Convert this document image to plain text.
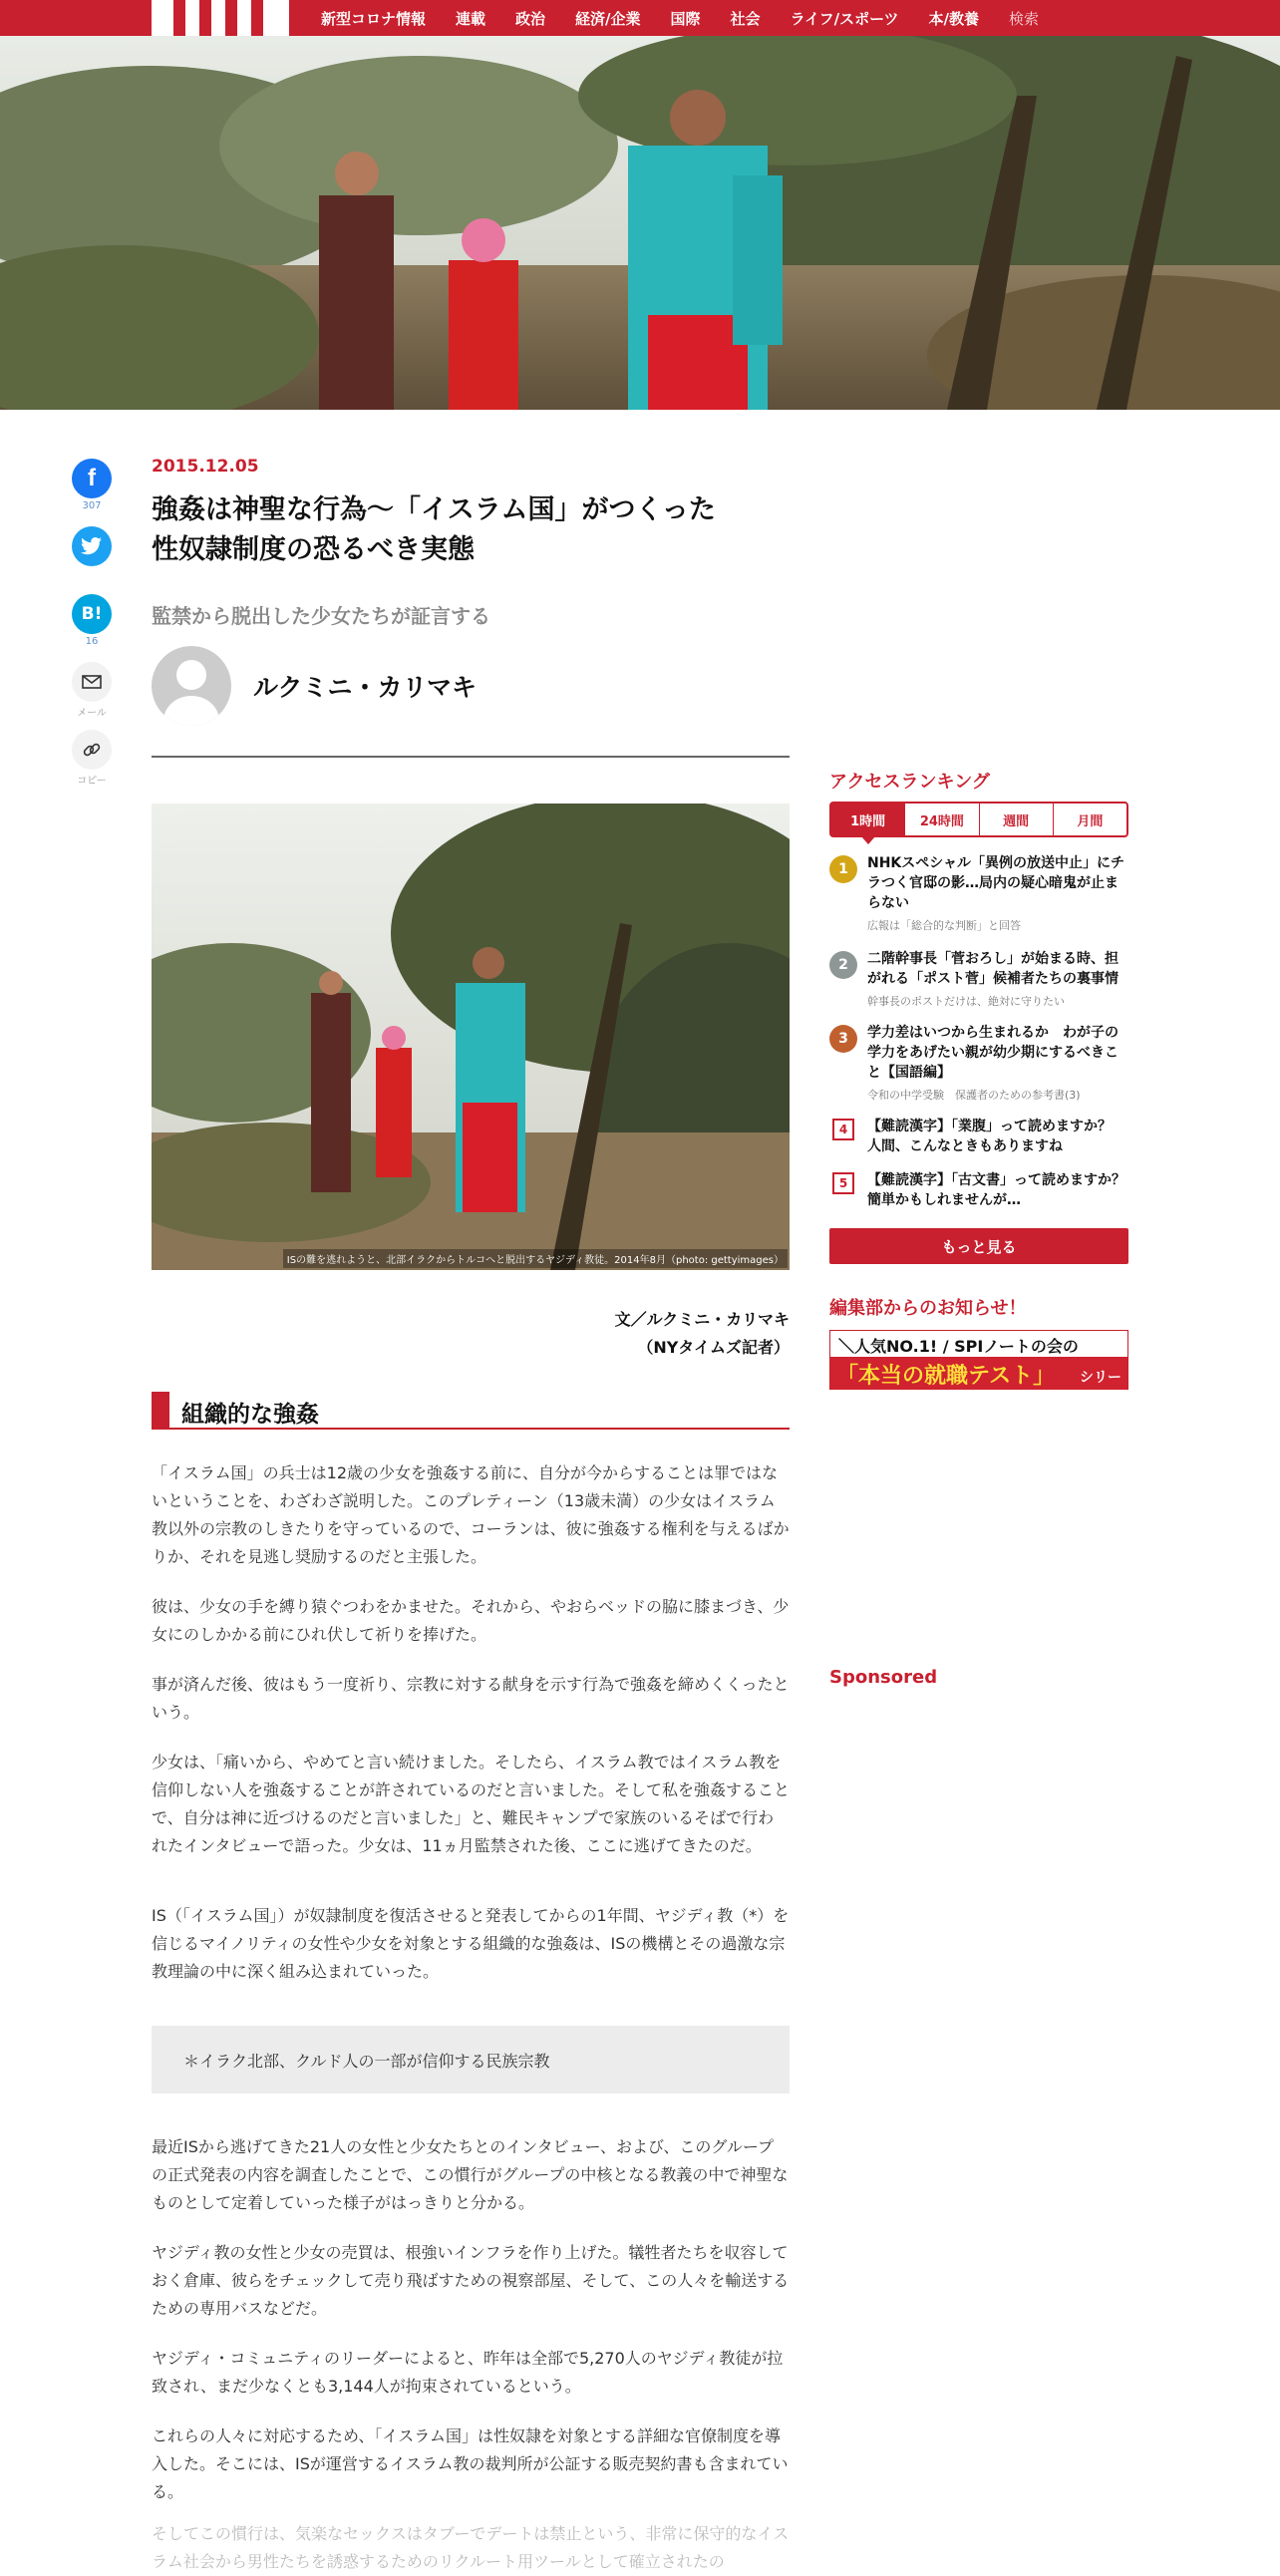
新型コロナ情報 連載 政治 経済/企業 国際 社会 ライフ/スポーツ 本/教養 検索
f
307
B!
16
メール
コピー
2015.12.05
強姦は神聖な行為〜「イスラム国」がつくった
性奴隷制度の恐るべき実態
監禁から脱出した少女たちが証言する
ルクミニ・カリマキ
ISの難を逃れようと、北部イラクからトルコへと脱出するヤジディ教徒。2014年8月（photo: gettyimages）
文／ルクミニ・カリマキ
（NYタイムズ記者）
組織的な強姦
「イスラム国」の兵士は12歳の少女を強姦する前に、自分が今からすることは罪ではないということを、わざわざ説明した。このプレティーン（13歳未満）の少女はイスラム教以外の宗教のしきたりを守っているので、コーランは、彼に強姦する権利を与えるばかりか、それを見逃し奨励するのだと主張した。
彼は、少女の手を縛り猿ぐつわをかませた。それから、やおらベッドの脇に膝まづき、少女にのしかかる前にひれ伏して祈りを捧げた。
事が済んだ後、彼はもう一度祈り、宗教に対する献身を示す行為で強姦を締めくくったという。
少女は、「痛いから、やめてと言い続けました。そしたら、イスラム教ではイスラム教を信仰しない人を強姦することが許されているのだと言いました。そして私を強姦することで、自分は神に近づけるのだと言いました」と、難民キャンプで家族のいるそばで行われたインタビューで語った。少女は、11ヵ月監禁された後、ここに逃げてきたのだ。
IS（「イスラム国」）が奴隷制度を復活させると発表してからの1年間、ヤジディ教（*）を信じるマイノリティの女性や少女を対象とする組織的な強姦は、ISの機構とその過激な宗教理論の中に深く組み込まれていった。
＊イラク北部、クルド人の一部が信仰する民族宗教
最近ISから逃げてきた21人の女性と少女たちとのインタビュー、および、このグループの正式発表の内容を調査したことで、この慣行がグループの中核となる教義の中で神聖なものとして定着していった様子がはっきりと分かる。
ヤジディ教の女性と少女の売買は、根強いインフラを作り上げた。犠牲者たちを収容しておく倉庫、彼らをチェックして売り飛ばすための視察部屋、そして、この人々を輸送するための専用バスなどだ。
ヤジディ・コミュニティのリーダーによると、昨年は全部で5,270人のヤジディ教徒が拉致され、まだ少なくとも3,144人が拘束されているという。
これらの人々に対応するため、「イスラム国」は性奴隷を対象とする詳細な官僚制度を導入した。そこには、ISが運営するイスラム教の裁判所が公証する販売契約書も含まれている。
そしてこの慣行は、気楽なセックスはタブーでデートは禁止という、非常に保守的なイスラム社会から男性たちを誘惑するためのリクルート用ツールとして確立されたの
アクセスランキング
1時間	24時間	週間	月間
1	NHKスペシャル「異例の放送中止」にチラつく官邸の影…局内の疑心暗鬼が止まらない
広報は「総合的な判断」と回答
2	二階幹事長「菅おろし」が始まる時、担がれる「ポスト菅」候補者たちの裏事情
幹事長のポストだけは、絶対に守りたい
3	学力差はいつから生まれるか　わが子の学力をあげたい親が幼少期にするべきこと【国語編】
令和の中学受験　保護者のための参考書(3)
4	【難読漢字】「業腹」って読めますか？　人間、こんなときもありますね
5	【難読漢字】「古文書」って読めますか？ 簡単かもしれませんが…
もっと見る
編集部からのお知らせ！
＼人気NO.1! / SPIノートの会の
「本当の就職テスト」 シリーズ
Sponsored
